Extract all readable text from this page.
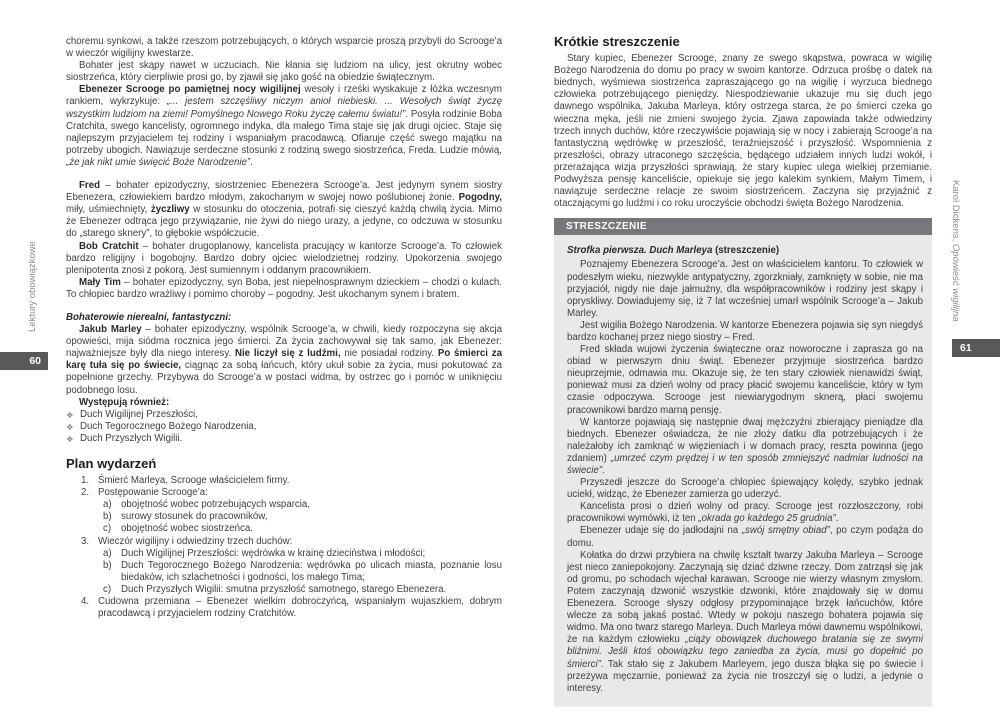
Lektury obowiązkowe
60

choremu synkowi, a także rzeszom potrzebujących, o których wsparcie proszą przybyli do Scrooge’a w wieczór wigilijny kwestarze.

Bohater jest skąpy nawet w uczuciach. Nie kłania się ludziom na ulicy, jest okrutny wobec siostrzeńca, który cierpliwie prosi go, by zjawił się jako gość na obiedzie świątecznym.

Ebenezer Scrooge po pamiętnej nocy wigilijnej wesoły i rześki wyskakuje z łóżka wczesnym rankiem, wykrzykuje: „... jestem szczęśliwy niczym anioł niebieski. ... Wesołych świąt życzę wszystkim ludziom na ziemi! Pomyślnego Nowego Roku życzę całemu światu!”. Posyła rodzinie Boba Cratchita, swego kancelisty, ogromnego indyka, dla małego Tima staje się jak drugi ojciec. Staje się najlepszym przyjacielem tej rodziny i wspaniałym pracodawcą. Ofiaruje część swego majątku na potrzeby ubogich. Nawiązuje serdeczne stosunki z rodziną swego siostrzeńca, Freda. Ludzie mówią, „że jak nikt umie święcić Boże Narodzenie”.

Fred – bohater epizodyczny, siostrzeniec Ebenezera Scrooge’a. Jest jedynym synem siostry Ebenezera, człowiekiem bardzo młodym, zakochanym w swojej nowo poślubionej żonie. Pogodny, miły, uśmiechnięty, życzliwy w stosunku do otoczenia, potrafi się cieszyć każdą chwilą życia. Mimo że Ebenezer odtrąca jego przywiązanie, nie żywi do niego urazy, a jedyne, co odczuwa w stosunku do „starego sknery”, to głębokie współczucie.

Bob Cratchit – bohater drugoplanowy, kancelista pracujący w kantorze Scrooge’a. To człowiek bardzo religijny i bogobojny. Bardzo dobry ojciec wielodzietnej rodziny. Upokorzenia swojego plenipotenta znosi z pokorą. Jest sumiennym i oddanym pracownikiem.

Mały Tim – bohater epizodyczny, syn Boba, jest niepełnosprawnym dzieckiem – chodzi o kulach. To chłopiec bardzo wrażliwy i pomimo choroby – pogodny. Jest ukochanym synem i bratem.

Bohaterowie nierealni, fantastyczni:

Jakub Marley – bohater epizodyczny, wspólnik Scrooge’a, w chwili, kiedy rozpoczyna się akcja opowieści, mija siódma rocznica jego śmierci. Za życia zachowywał się tak samo, jak Ebenezer: najważniejsze były dla niego interesy. Nie liczył się z ludźmi, nie posiadał rodziny. Po śmierci za karę tuła się po świecie, ciągnąc za sobą łańcuch, który ukuł sobie za życia, musi pokutować za popełnione grzechy. Przybywa do Scrooge’a w postaci widma, by ostrzec go i pomóc w uniknięciu podobnego losu.

Występują również:

❖ Duch Wigilijnej Przeszłości,
❖ Duch Tegorocznego Bożego Narodzenia,
❖ Duch Przyszłych Wigilii.
Plan wydarzeń
1. Śmierć Marleya, Scrooge właścicielem firmy.
2. Postępowanie Scrooge’a:
a) obojętność wobec potrzebujących wsparcia,
b) surowy stosunek do pracowników,
c)	obojętność wobec siostrzeńca.
3. Wieczór wigilijny i odwiedziny trzech duchów:
a) Duch Wigilijnej Przeszłości: wędrówka w krainę dzieciństwa i młodości;
b) Duch Tegorocznego Bożego Narodzenia: wędrówka po ulicach miasta, poznanie losu biedaków, ich szlachetności i godności, los małego Tima;
c)	Duch Przyszłych Wigilii: smutna przyszłość samotnego, starego Ebenezera.
4. Cudowna przemiana – Ebenezer wielkim dobroczyńcą, wspaniałym wujaszkiem, dobrym pracodawcą i przyjacielem rodziny Cratchitów.
Krótkie streszczenie

Stary kupiec, Ebenezer Scrooge, znany ze swego skąpstwa, powraca w wigilię Bożego Narodzenia do domu po pracy w swoim kantorze. Odrzuca prośbę o datek na biednych, wyśmiewa siostrzeńca zapraszającego go na wigilię i wyrzuca biednego człowieka potrzebującego pieniędzy. Niespodziewanie ukazuje mu się duch jego dawnego wspólnika, Jakuba Marleya, który ostrzega starca, że po śmierci czeka go wieczna męka, jeśli nie zmieni swojego życia. Zjawa zapowiada także odwiedziny trzech innych duchów, które rzeczywiście pojawiają się w nocy i zabierają Scrooge’a na fantastyczną wędrówkę w przeszłość, teraźniejszość i przyszłość. Wspomnienia z przeszłości, obrazy utraconego szczęścia, będącego udziałem innych ludzi wokół, i przerażająca wizja przyszłości sprawiają, że stary kupiec ulega wielkiej przemianie. Podwyższa pensję kanceliście, opiekuje się jego kalekim synkiem, Małym Timem, i nawiązuje serdeczne relacje ze swoim siostrzeńcem. Zaczyna się przyjaźnić z otaczającymi go ludźmi i co roku uroczyście obchodzi święta Bożego Narodzenia.

STRESZCZENIE

Strofka pierwsza. Duch Marleya (streszczenie)

Poznajemy Ebenezera Scrooge’a. Jest on właścicielem kantoru. To człowiek w podeszłym wieku, niezwykle antypatyczny, zgorzkniały, zamknięty w sobie, nie ma przyjaciół, nigdy nie daje jałmużny, dla współpracowników i rodziny jest skąpy i opryskliwy. Dowiadujemy się, iż 7 lat wcześniej umarł wspólnik Scrooge’a – Jakub Marley.

Jest wigilia Bożego Narodzenia. W kantorze Ebenezera pojawia się syn niegdyś bardzo kochanej przez niego siostry – Fred.

Fred składa wujowi życzenia świąteczne oraz noworoczne i zaprasza go na obiad w pierwszym dniu świąt. Ebenezer przyjmuje siostrzeńca bardzo nieuprzejmie, odmawia mu. Okazuje się, że ten stary człowiek nienawidzi świąt, ponieważ musi za dzień wolny od pracy płacić swojemu kanceliście, który w tym czasie odpoczywa. Scrooge jest niewiarygodnym sknerą, płaci swojemu pracownikowi bardzo marną pensję.

W kantorze pojawiają się następnie dwaj mężczyźni zbierający pieniądze dla biednych. Ebenezer oświadcza, że nie złoży datku dla potrzebujących i że należałoby ich zamknąć w więzieniach i w domach pracy, reszta powinna (jego zdaniem) „umrzeć czym prędzej i w ten sposób zmniejszyć nadmiar ludności na świecie”.

Przyszedł jeszcze do Scrooge’a chłopiec śpiewający kolędy, szybko jednak uciekł, widząc, że Ebenezer zamierza go uderzyć.

Kancelista prosi o dzień wolny od pracy. Scrooge jest rozzłoszczony, robi pracownikowi wymówki, iż ten „okrada go każdego 25 grudnia”.

Ebenezer udaje się do jadłodajni na „swój smętny obiad”, po czym podąża do domu.

Kołatka do drzwi przybiera na chwilę kształt twarzy Jakuba Marleya – Scrooge jest nieco zaniepokojony. Zaczynają się dziać dziwne rzeczy. Dom zatrząsł się jak od gromu, po schodach wjechał karawan. Scrooge nie wierzy własnym zmysłom. Potem zaczynają dzwonić wszystkie dzwonki, które znajdowały się w domu Ebenezera. Scrooge słyszy odgłosy przypominające brzęk łańcuchów, które wlecze za sobą jakaś postać. Wtedy w pokoju naszego bohatera pojawia się widmo. Ma ono twarz starego Marleya. Duch Marleya mówi dawnemu wspólnikowi, że na każdym człowieku „ciąży obowiązek duchowego bratania się ze swymi bliźnimi. Jeśli ktoś obowiązku tego zaniedba za życia, musi go dopełnić po śmierci”. Tak stało się z Jakubem Marleyem, jego dusza błąka się po świecie i przeżywa męczarnie, ponieważ za życia nie troszczył się o ludzi, a jedynie o interesy.

Karol Dickens, Opowieść wigilijna
61
